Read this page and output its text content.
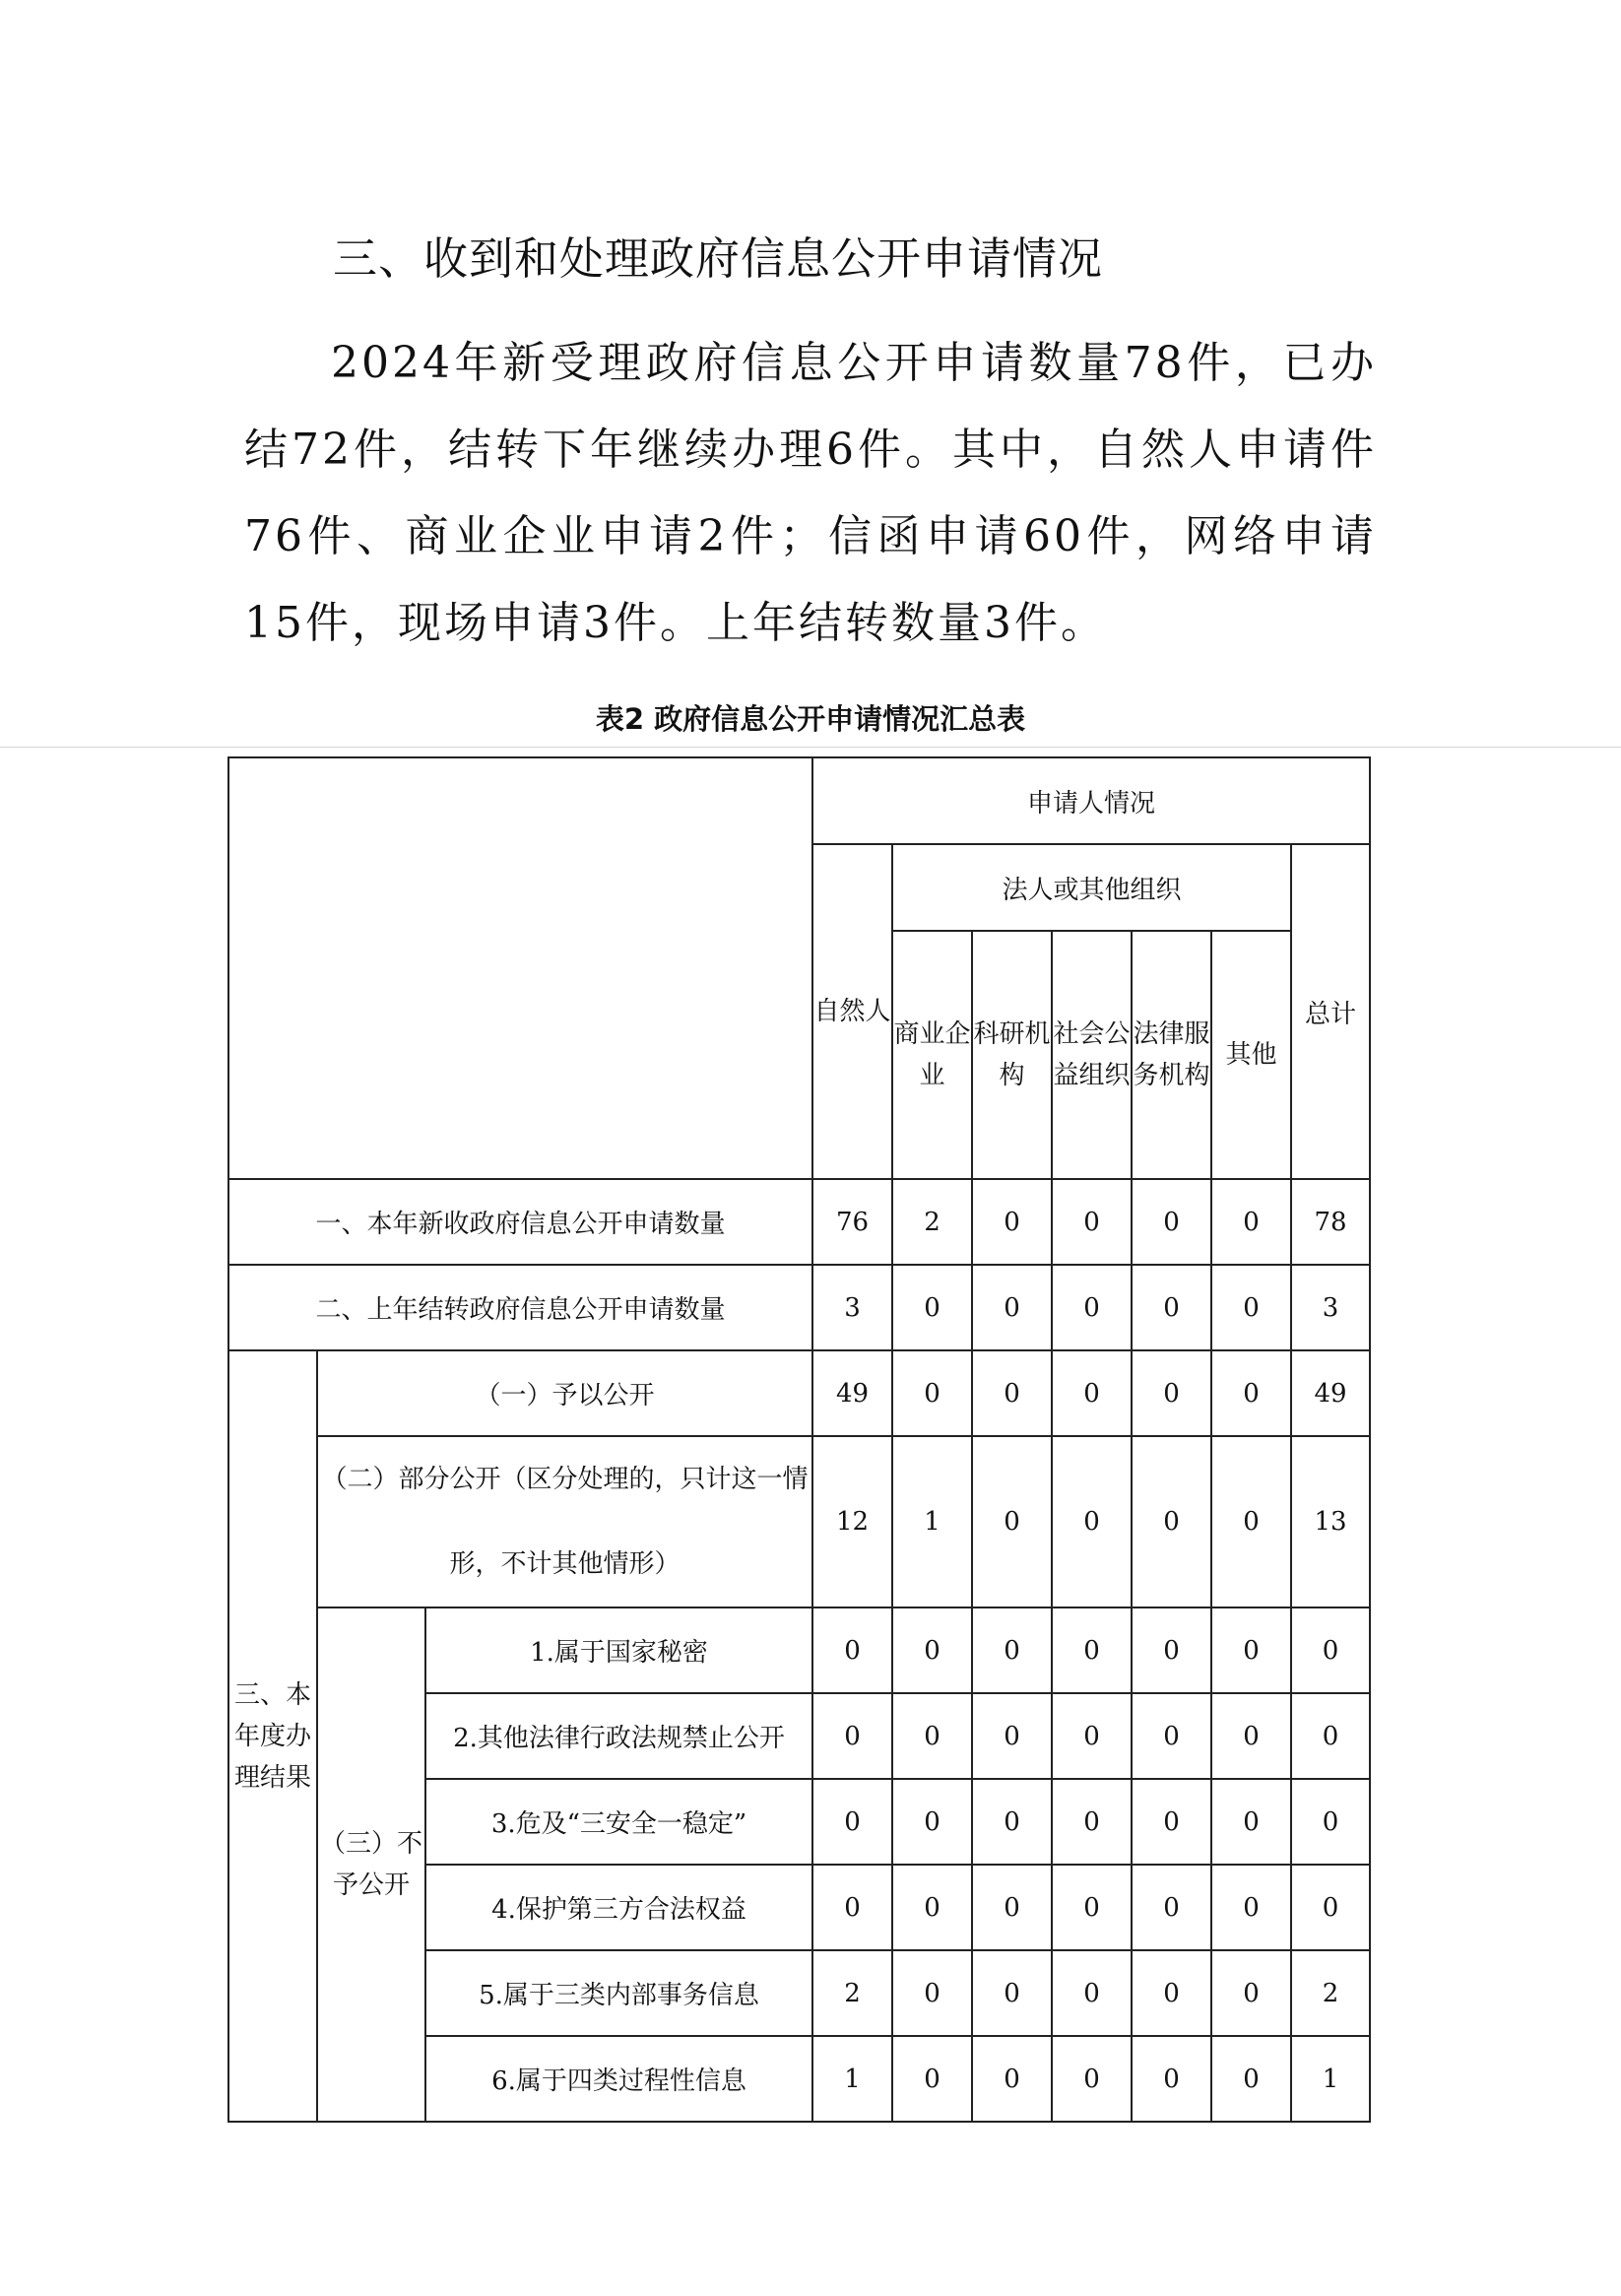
三、收到和处理政府信息公开申请情况
2024年新受理政府信息公开申请数量78件，已办结72件，结转下年继续办理6件。其中，自然人申请件76件、商业企业申请2件；信函申请60件，网络申请15件，现场申请3件。上年结转数量3件。
表2 政府信息公开申请情况汇总表
			申请人情况						
			自然人	法人或其他组织					总计
				商业企业	科研机构	社会公益组织	法律服务机构	其他	
一、本年新收政府信息公开申请数量			76	2	0	0	0	0	78
二、上年结转政府信息公开申请数量			3	0	0	0	0	0	3
三、本年度办理结果	（一）予以公开		49	0	0	0	0	0	49
	（二）部分公开（区分处理的，只计这一情形，不计其他情形）		12	1	0	0	0	0	13
	（三）不予公开	1.属于国家秘密	0	0	0	0	0	0	0
		2.其他法律行政法规禁止公开	0	0	0	0	0	0	0
		3.危及“三安全一稳定”	0	0	0	0	0	0	0
		4.保护第三方合法权益	0	0	0	0	0	0	0
		5.属于三类内部事务信息	2	0	0	0	0	0	2
		6.属于四类过程性信息	1	0	0	0	0	0	1
